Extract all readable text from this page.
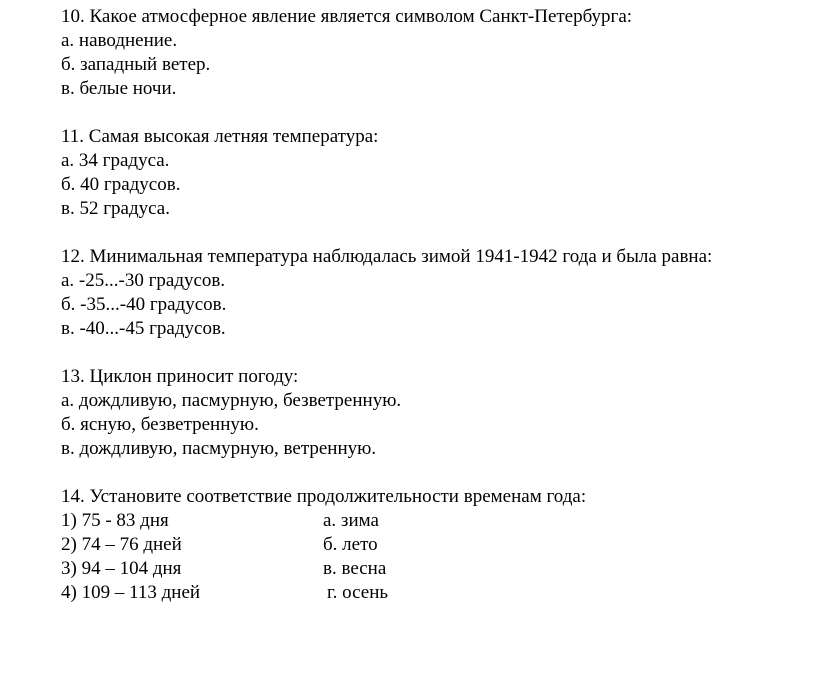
10. Какое атмосферное явление является символом Санкт-Петербурга:
а. наводнение.
б. западный ветер.
в. белые ночи.
11. Самая высокая летняя температура:
а. 34 градуса.
б. 40 градусов.
в. 52 градуса.
12. Минимальная температура наблюдалась зимой 1941-1942 года и была равна:
а. -25...-30 градусов.
б. -35...-40 градусов.
в. -40...-45 градусов.
13. Циклон приносит погоду:
а. дождливую, пасмурную, безветренную.
б. ясную, безветренную.
в. дождливую, пасмурную, ветренную.
14. Установите соответствие продолжительности временам года:
1) 75 - 83 дня	а. зима
2) 74 – 76 дней	б. лето
3) 94 – 104 дня	в. весна
4) 109 – 113 дней	г. осень
